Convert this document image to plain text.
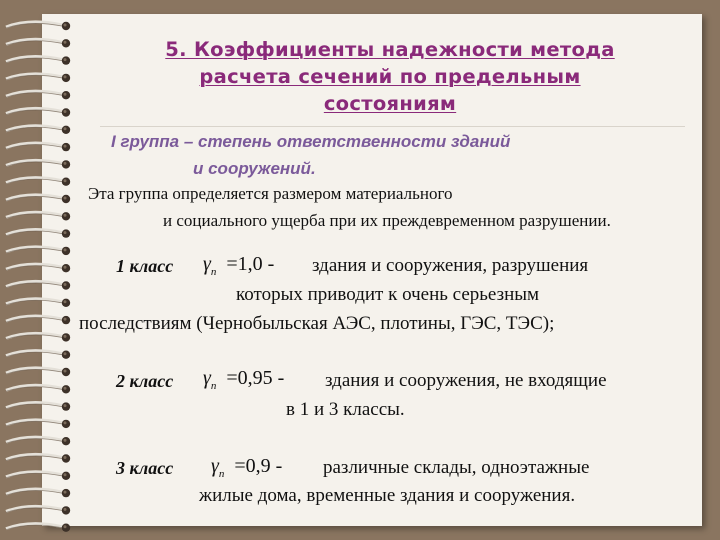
5. Коэффициенты надежности метода
расчета сечений по предельным
состояниям
I группа – степень ответственности зданий
и сооружений.
Эта группа определяется размером материального
и социального ущерба при их преждевременном разрушении.
1 класс $\gamma_n =1,0$ - здания и сооружения, разрушения
которых приводит к очень серьезным
последствиям (Чернобыльская АЭС, плотины, ГЭС, ТЭС);
2 класс $\gamma_n =0,95$ - здания и сооружения, не входящие
в 1 и 3 классы.
3 класс $\gamma_n =0,9$ - различные склады, одноэтажные
жилые дома, временные здания и сооружения.
